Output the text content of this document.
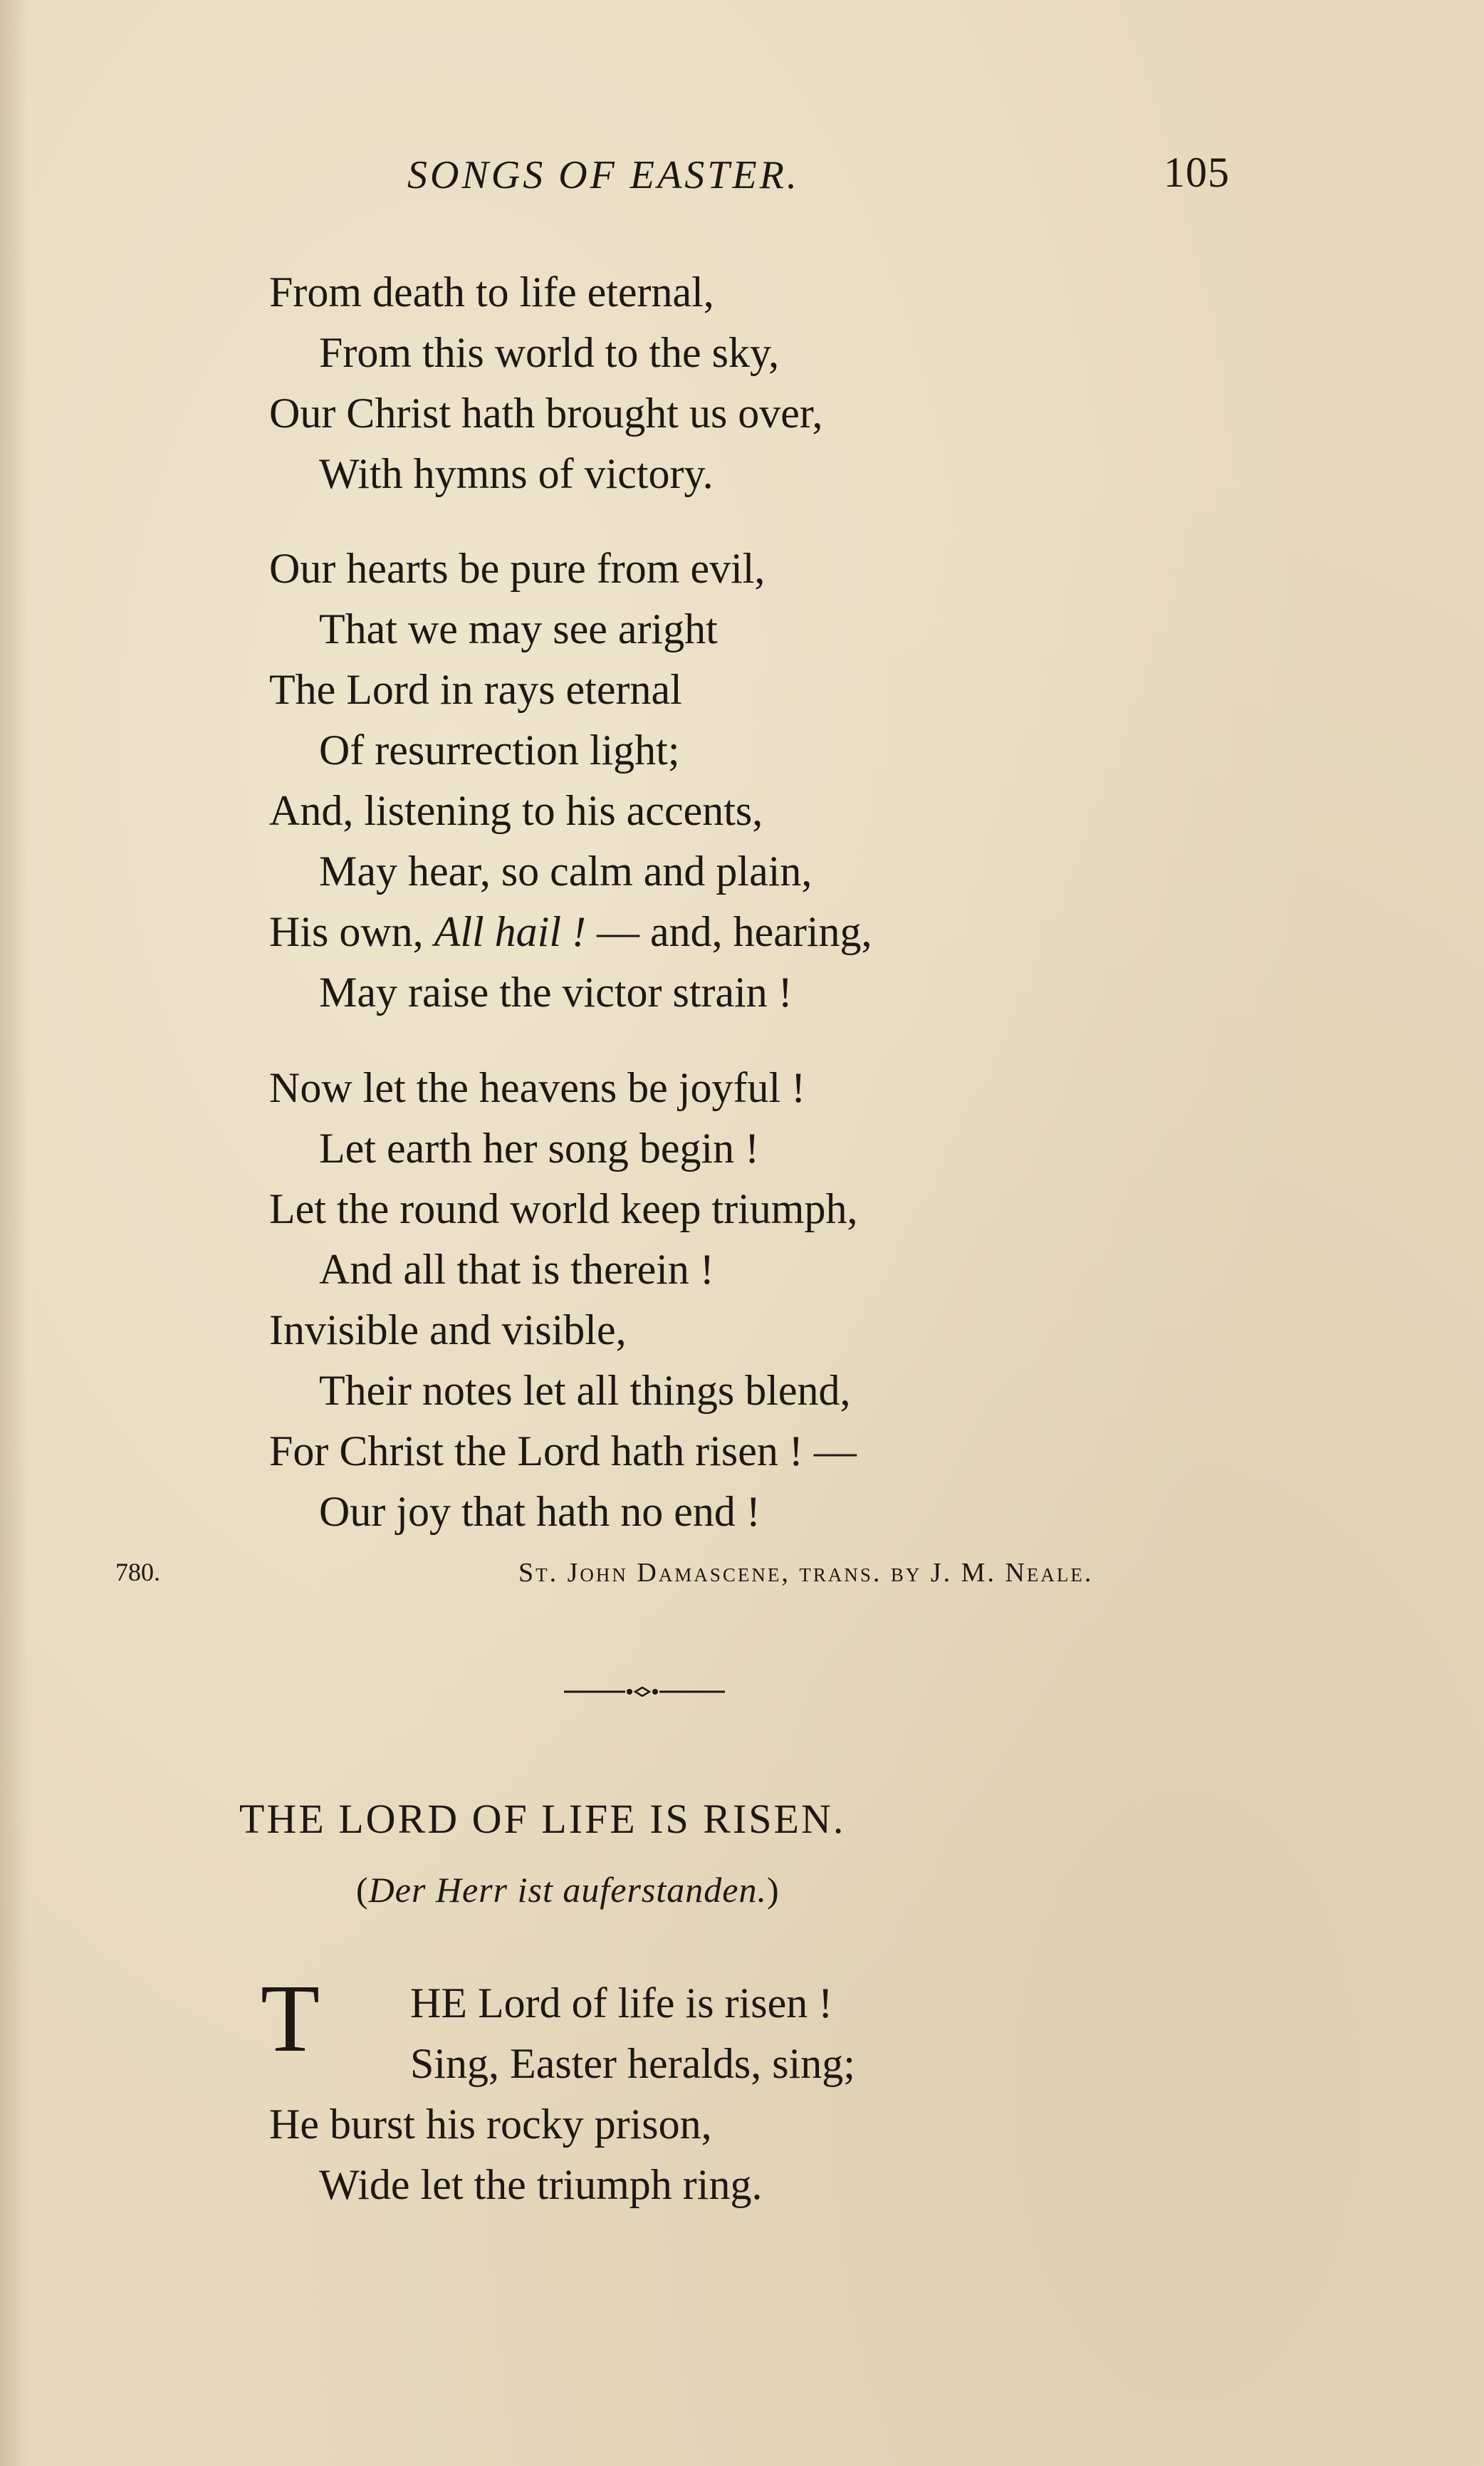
SONGS OF EASTER.	105
From death to life eternal,
From this world to the sky,
Our Christ hath brought us over,
With hymns of victory.
Our hearts be pure from evil,
That we may see aright
The Lord in rays eternal
Of resurrection light;
And, listening to his accents,
May hear, so calm and plain,
His own, All hail ! — and, hearing,
May raise the victor strain !
Now let the heavens be joyful !
Let earth her song begin !
Let the round world keep triumph,
And all that is therein !
Invisible and visible,
Their notes let all things blend,
For Christ the Lord hath risen ! —
Our joy that hath no end !
780.	St. John Damascene, trans. by J. M. Neale.
THE LORD OF LIFE IS RISEN.
(Der Herr ist auferstanden.)
T HE Lord of life is risen !
Sing, Easter heralds, sing;
He burst his rocky prison,
Wide let the triumph ring.
